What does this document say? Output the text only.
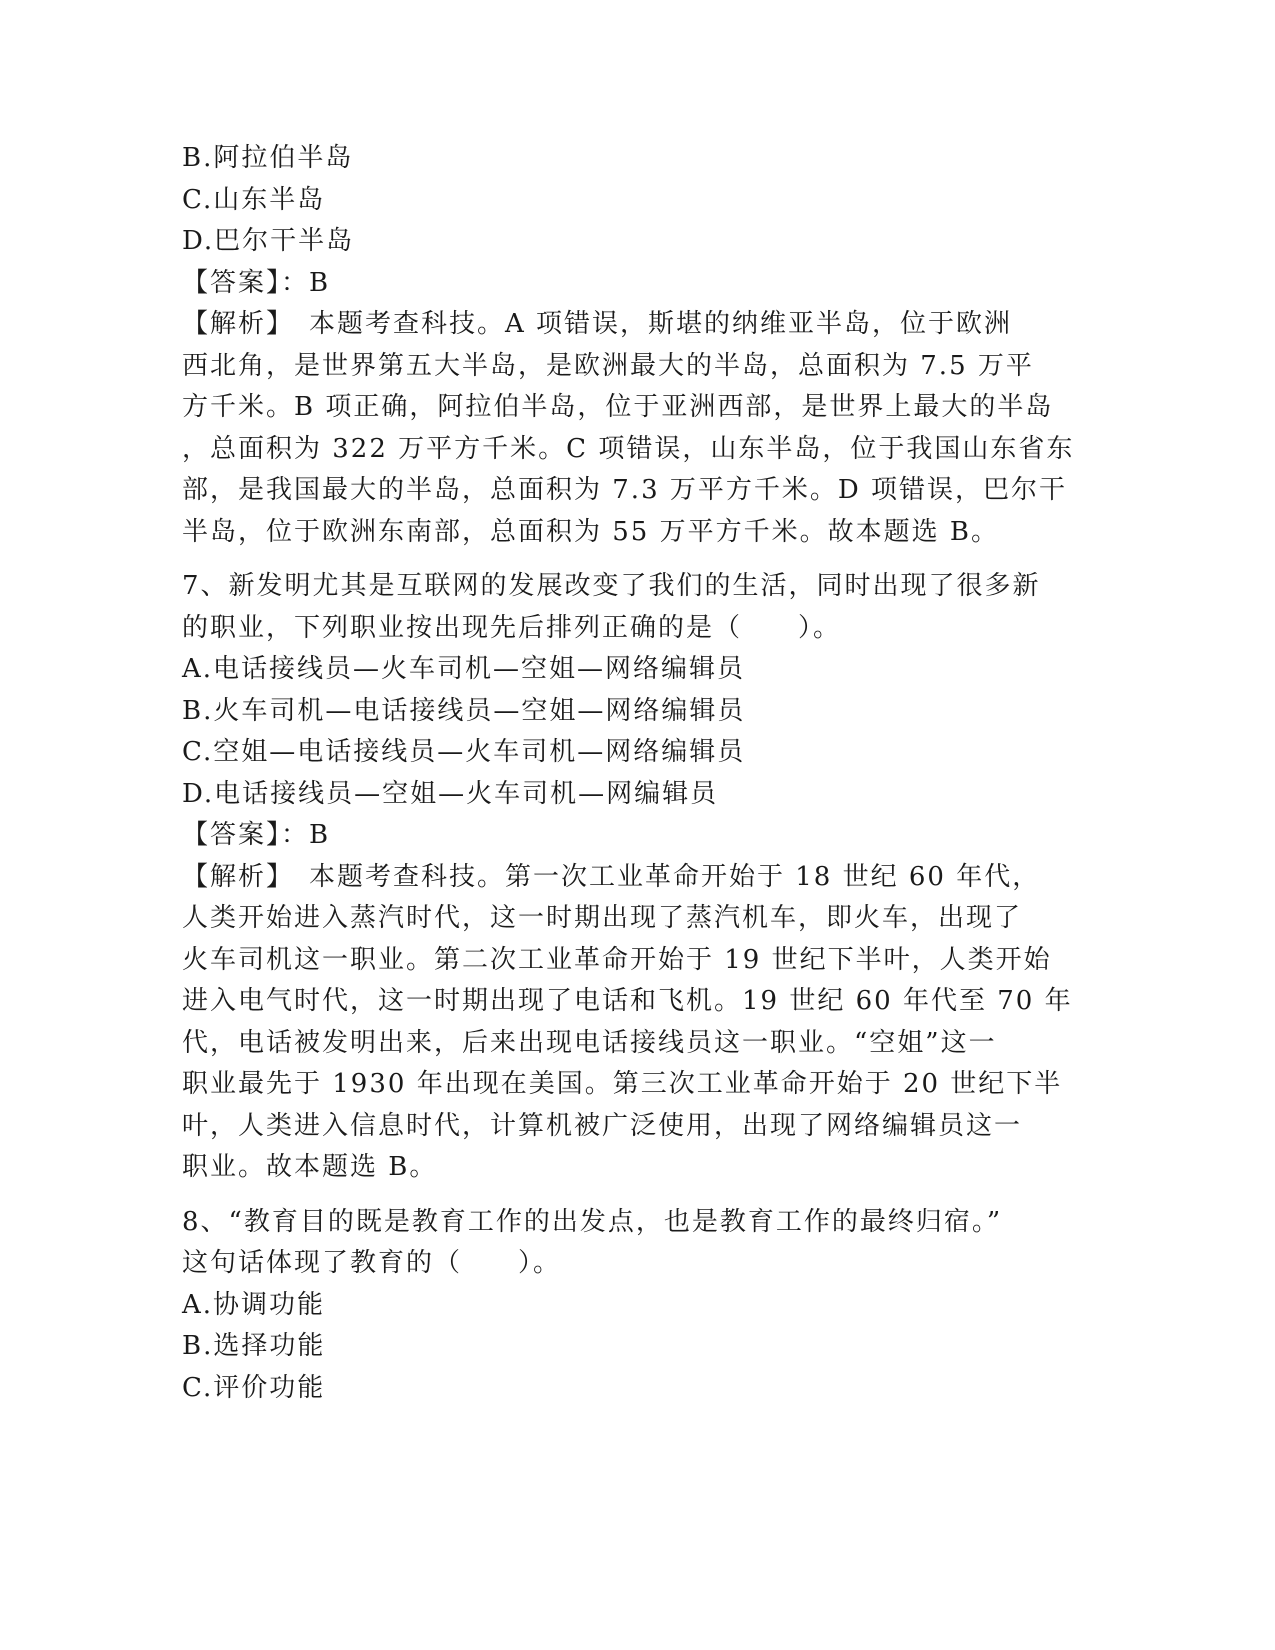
B.阿拉伯半岛
C.山东半岛
D.巴尔干半岛
【答案】：B
【解析】　本题考查科技。A 项错误，斯堪的纳维亚半岛，位于欧洲
西北角，是世界第五大半岛，是欧洲最大的半岛，总面积为 7.5 万平
方千米。B 项正确，阿拉伯半岛，位于亚洲西部，是世界上最大的半岛
，总面积为 322 万平方千米。C 项错误，山东半岛，位于我国山东省东
部，是我国最大的半岛，总面积为 7.3 万平方千米。D 项错误，巴尔干
半岛，位于欧洲东南部，总面积为 55 万平方千米。故本题选 B。
7、新发明尤其是互联网的发展改变了我们的生活，同时出现了很多新
的职业，下列职业按出现先后排列正确的是（　　）。
A.电话接线员—火车司机—空姐—网络编辑员
B.火车司机—电话接线员—空姐—网络编辑员
C.空姐—电话接线员—火车司机—网络编辑员
D.电话接线员—空姐—火车司机—网编辑员
【答案】：B
【解析】　本题考查科技。第一次工业革命开始于 18 世纪 60 年代，
人类开始进入蒸汽时代，这一时期出现了蒸汽机车，即火车，出现了
火车司机这一职业。第二次工业革命开始于 19 世纪下半叶，人类开始
进入电气时代，这一时期出现了电话和飞机。19 世纪 60 年代至 70 年
代，电话被发明出来，后来出现电话接线员这一职业。“空姐”这一
职业最先于 1930 年出现在美国。第三次工业革命开始于 20 世纪下半
叶，人类进入信息时代，计算机被广泛使用，出现了网络编辑员这一
职业。故本题选 B。
8、“教育目的既是教育工作的出发点，也是教育工作的最终归宿。”
这句话体现了教育的（　　）。
A.协调功能
B.选择功能
C.评价功能
